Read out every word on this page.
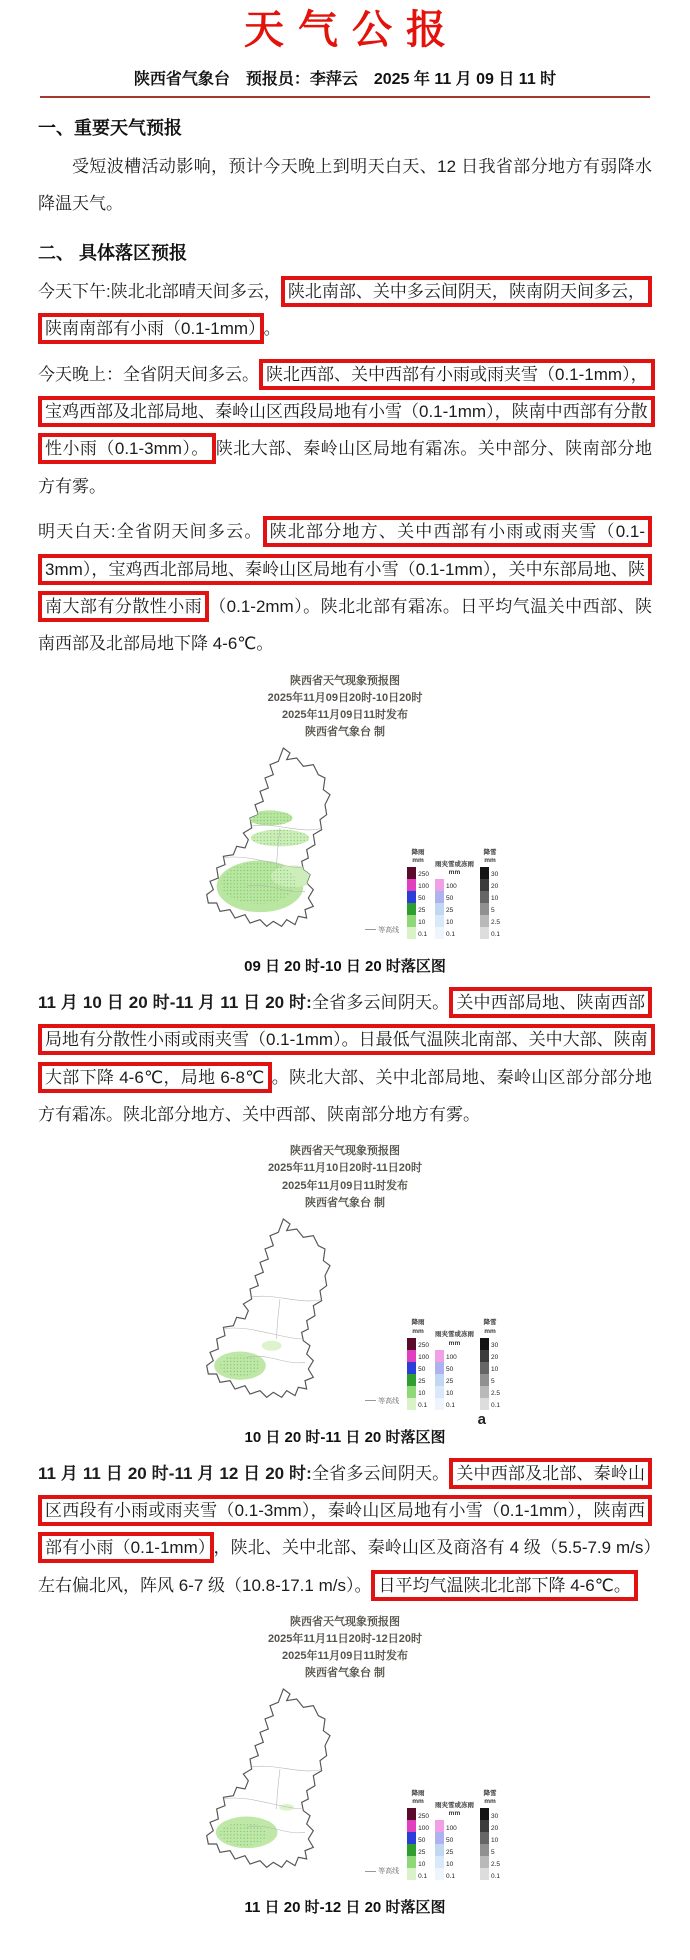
天气公报
陕西省气象台　预报员：李萍云　2025 年 11 月 09 日 11 时
一、重要天气预报

受短波槽活动影响，预计今天晚上到明天白天、12 日我省部分地方有弱降水降温天气。

二、 具体落区预报

今天下午:陕北北部晴天间多云， 陕北南部、关中多云间阴天，陕南阴天间多云，陕南南部有小雨（0.1-1mm） 。

今天晚上：全省阴天间多云。 陕北西部、关中西部有小雨或雨夹雪（0.1-1mm），宝鸡西部及北部局地、秦岭山区西段局地有小雪（0.1-1mm），陕南中西部有分散性小雨（0.1-3mm）。 陕北大部、秦岭山区局地有霜冻。关中部分、陕南部分地方有雾。

明天白天:全省阴天间多云。 陕北部分地方、关中西部有小雨或雨夹雪（0.1-3mm），宝鸡西北部局地、秦岭山区局地有小雪（0.1-1mm），关中东部局地、陕南大部有分散性小雨 （0.1-2mm）。陕北北部有霜冻。日平均气温关中西部、陕南西部及北部局地下降 4-6℃。

陕西省天气现象预报图
2025年11月09日20时-10日20时
2025年11月09日11时发布
陕西省气象台 制
等高线
降雨
mm
250
100
50
25
10
0.1
雨夹雪或冻雨
mm
100
50
25
10
0.1
降雪
mm
30
20
10
5
2.5
0.1
09 日 20 时-10 日 20 时落区图

11 月 10 日 20 时-11 月 11 日 20 时:全省多云间阴天。 关中西部局地、陕南西部局地有分散性小雨或雨夹雪（0.1-1mm）。日最低气温陕北南部、关中大部、陕南大部下降 4-6℃，局地 6-8℃ 。陕北大部、关中北部局地、秦岭山区部分部分地方有霜冻。陕北部分地方、关中西部、陕南部分地方有雾。

陕西省天气现象预报图
2025年11月10日20时-11日20时
2025年11月09日11时发布
陕西省气象台 制
a
等高线
降雨
mm
250
100
50
25
10
0.1
雨夹雪或冻雨
mm
100
50
25
10
0.1
降雪
mm
30
20
10
5
2.5
0.1
10 日 20 时-11 日 20 时落区图

11 月 11 日 20 时-11 月 12 日 20 时:全省多云间阴天。 关中西部及北部、秦岭山区西段有小雨或雨夹雪（0.1-3mm），秦岭山区局地有小雪（0.1-1mm），陕南西部有小雨（0.1-1mm） ，陕北、关中北部、秦岭山区及商洛有 4 级（5.5-7.9 m/s）左右偏北风，阵风 6-7 级（10.8-17.1 m/s）。 日平均气温陕北北部下降 4-6℃。

陕西省天气现象预报图
2025年11月11日20时-12日20时
2025年11月09日11时发布
陕西省气象台 制
等高线
降雨
mm
250
100
50
25
10
0.1
雨夹雪或冻雨
mm
100
50
25
10
0.1
降雪
mm
30
20
10
5
2.5
0.1
11 日 20 时-12 日 20 时落区图
